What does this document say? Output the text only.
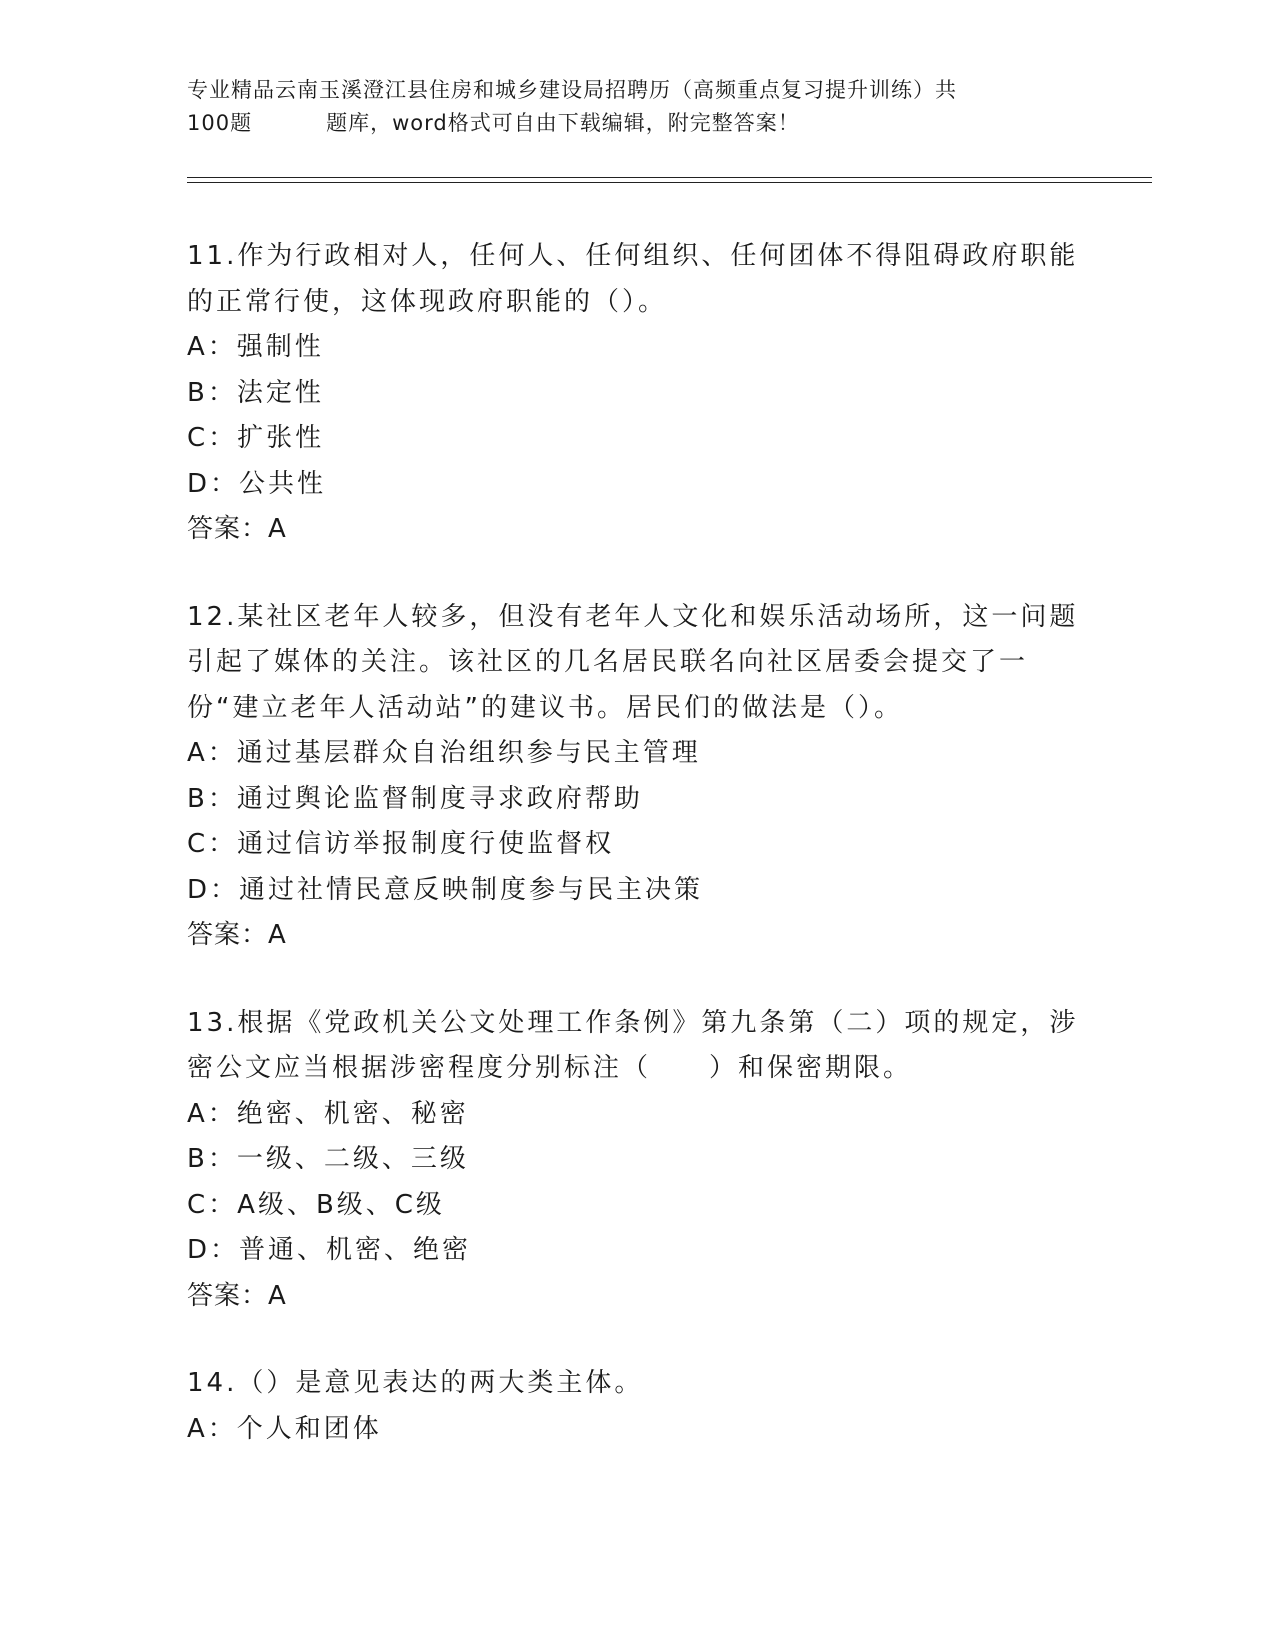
专业精品云南玉溪澄江县住房和城乡建设局招聘历（高频重点复习提升训练）共
100题	题库，word格式可自由下载编辑，附完整答案！

11.作为行政相对人，任何人、任何组织、任何团体不得阻碍政府职能的正常行使，这体现政府职能的（）。

A：强制性

B：法定性

C：扩张性

D：公共性

答案：A

12.某社区老年人较多，但没有老年人文化和娱乐活动场所，这一问题引起了媒体的关注。该社区的几名居民联名向社区居委会提交了一份“建立老年人活动站”的建议书。居民们的做法是（）。

A：通过基层群众自治组织参与民主管理

B：通过舆论监督制度寻求政府帮助

C：通过信访举报制度行使监督权

D：通过社情民意反映制度参与民主决策

答案：A

13.根据《党政机关公文处理工作条例》第九条第（二）项的规定，涉密公文应当根据涉密程度分别标注（　　）和保密期限。

A：绝密、机密、秘密

B：一级、二级、三级

C：A级、B级、C级

D：普通、机密、绝密

答案：A

14.（）是意见表达的两大类主体。

A：个人和团体
